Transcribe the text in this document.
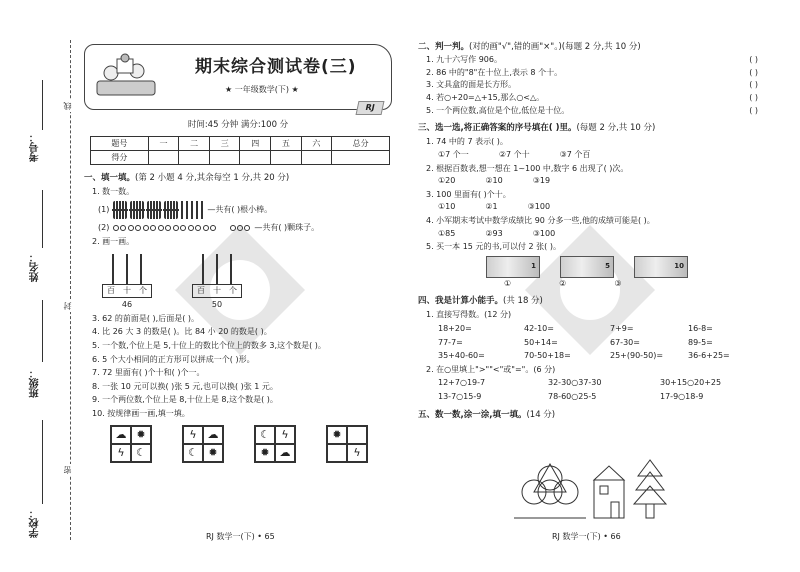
考号：
姓名：
班级：
学校：
线
封
密
期末综合测试卷(三)
★ 一年级数学(下) ★
RJ
时间:45 分钟 满分:100 分
题号	一	二	三	四	五	六	总分
得分							
一、填一填。(第 2 小题 4 分,其余每空 1 分,共 20 分)
1. 数一数。
(1)	—共有( )根小棒。
(2)	—共有( )颗珠子。
2. 画一画。
百 十 个
46
百 十 个
50
3. 62 的前面是( ),后面是( )。
4. 比 26 大 3 的数是( )。比 84 小 20 的数是( )。
5. 一个数,个位上是 5,十位上的数比个位上的数多 3,这个数是( )。
6. 5 个大小相同的正方形可以拼成一个( )形。
7. 72 里面有( )个十和( )个一。
8. 一张 10 元可以换( )张 5 元,也可以换( )张 1 元。
9. 一个两位数,个位上是 8,十位上是 8,这个数是( )。
10. 按规律画一画,填一填。
☁ ✹
ϟ	☾
ϟ ☁
☾ ✹
☾	ϟ
✹ ☁
✹
ϟ
RJ 数学一(下) • 65
二、判一判。(对的画"√",错的画"×"。)(每题 2 分,共 10 分)
1. 九十六写作 906。	( )
2. 86 中的"8"在十位上,表示 8 个十。	( )
3. 文具盒的面是长方形。	( )
4. 若○+20=△+15,那么○<△。	( )
5. 一个两位数,高位是个位,低位是十位。	( )
三、选一选,将正确答案的序号填在( )里。(每题 2 分,共 10 分)
1. 74 中的 7 表示( )。
①7 个一	②7 个十	③7 个百
2. 根据百数表,想一想在 1~100 中,数字 6 出现了( )次。
①20	②10	③19
3. 100 里面有( )个十。
①10	②1	③100
4. 小军期末考试中数学成绩比 90 分多一些,他的成绩可能是( )。
①85	②93	③100
5. 买一本 15 元的书,可以付 2 张( )。
1	5	10
①	②	③
四、我是计算小能手。(共 18 分)
1. 直接写得数。(12 分)
18+20=	42-10=	7+9=	16-8=
77-7=	50+14=	67-30=	89-5=
35+40-60=	70-50+18=	25+(90-50)=	36-6+25=
2. 在○里填上">""<"或"="。(6 分)
12+7○19-7	32-30○37-30	30+15○20+25
13-7○15-9	78-60○25-5	17-9○18-9
五、数一数,涂一涂,填一填。(14 分)
RJ 数学一(下) • 66
